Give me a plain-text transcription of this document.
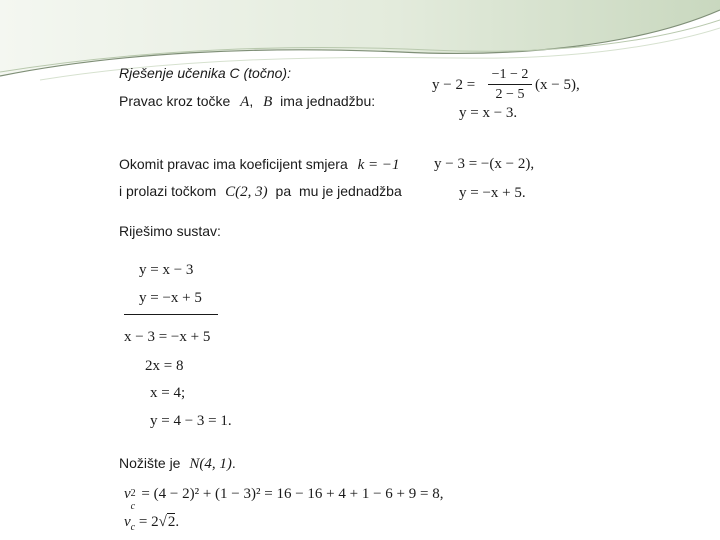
Rješenje učenika C (točno):
Pravac kroz točke A, B ima jednadžbu:
$y - 2 = \frac{-1 - 2}{2 - 5} (x - 5)$,
y = x − 3.
Okomit pravac ima koeficijent smjera k = −1
i prolazi točkom C(2, 3) pa mu je jednadžba
y − 3 = −(x − 2),
y = −x + 5.
Riješimo sustav:
y = x − 3
y = −x + 5
x − 3 = −x + 5
2x = 8
x = 4;
y = 4 − 3 = 1.
Nožište je N(4, 1).
v 2
c
= (4 − 2)² + (1 − 3)² = 16 − 16 + 4 + 1 − 6 + 9 = 8,
$v_c = 2√2$.
